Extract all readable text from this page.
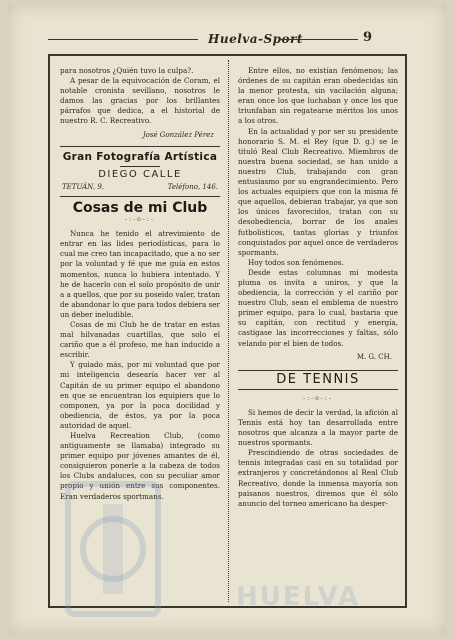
Huelva-Sport	9

para nosotros ¿Quién tuvo la culpa?.

A pesar de la equivocación de Coram, el notable cronista sevillano, nosotros le damos las gracias por los brillantes párrafos que dedica, a el historial de nuestro R. C. Recreativo.

José González Pérez
Gran Fotografía Artística
DIEGO CALLE
TETUÁN, 9.	Teléfono, 146.
Cosas de mi Club
-:-o-:-

Nunca he tenido el atrevimiento de entrar en las lides periodísticas, para lo cual me creo tan incapacitado, que a no ser por la voluntad y fé que me guía en estos momentos, nunca lo hubiera intentado. Y he de hacerlo con el solo propósito de unir a a quellos, que por su poseido valer, tratan de abandonar lo que para todos debiera ser un deber ineludible.

Cosas de mi Club he de tratar en estas mal hilvanadas cuartillas, que solo el cariño que a él profeso, me han inducido a escribir.

Y guiado más, por mi voluntad que por mi inteligencia desearía hacer ver al Capitán de su primer equipo el abandono en que se encuentran los equipiers que lo componen, ya por la poca docilidad y obediencia, de éstos, ya por la poca autoridad de aquel.

Huelva Recreation Club, (como antiguamente se llamaba) integrado su primer equipo por jóvenes amantes de él, consiguieron ponerle a la cabeza de todos los Clubs andaluces, con su peculiar amor propio y unión entre sus componentes. Eran verdaderos sportmans.

Entre ellos, no existían fenómenos; las órdenes de su capitán eran obedecidas sin la menor protesta, sin vacilación alguna; eran once los que luchaban y once los que triunfaban sin regatearse méritos los unos a los otros.

En la actualidad y por ser su presidente honorario S. M. el Rey (que D. g.) se le tituló Real Club Recreativo. Miembros de nuestra buena sociedad, se han unido a nuestro Club, trabajando con gran entusiasmo por su engrandecimiento. Pero los actuales equipiers que con la misma fé que aquellos, debieran trabajar, ya que son los únicos favorecidos, tratan con su desobediencia, borrar de los anales futbolísticos, tantas glorias y triunfos conquistados por aquel once de verdaderos spormants.

Hoy todos son fenómenos.

Desde estas columnas mi modesta pluma os invita a uniros, y que la obediencia, la corrección y el cariño por nuestro Club, sean el emblema de nuestro primer equipo, para lo cual, bastaria que su capitán, con rectitud y energía, castigase las incorrecciones y faltas, sólo velando por el bien de todos.

M. G. CH.
DE TENNIS
-:-o-:-

Si hemos de decir la verdad, la afición al Tennis está hoy tan desarrollada entre nosotros que alcanza a la mayor parte de nuestros spormants.

Prescindiendo de otras sociedades de tennis integradas casi en su totalidad por extranjeros y concretándonos al Real Club Recreativo, donde la inmensa mayoría son paisanos nuestros, diremos que él sólo anuncio del torneo americano ha desper-

HUELVA
